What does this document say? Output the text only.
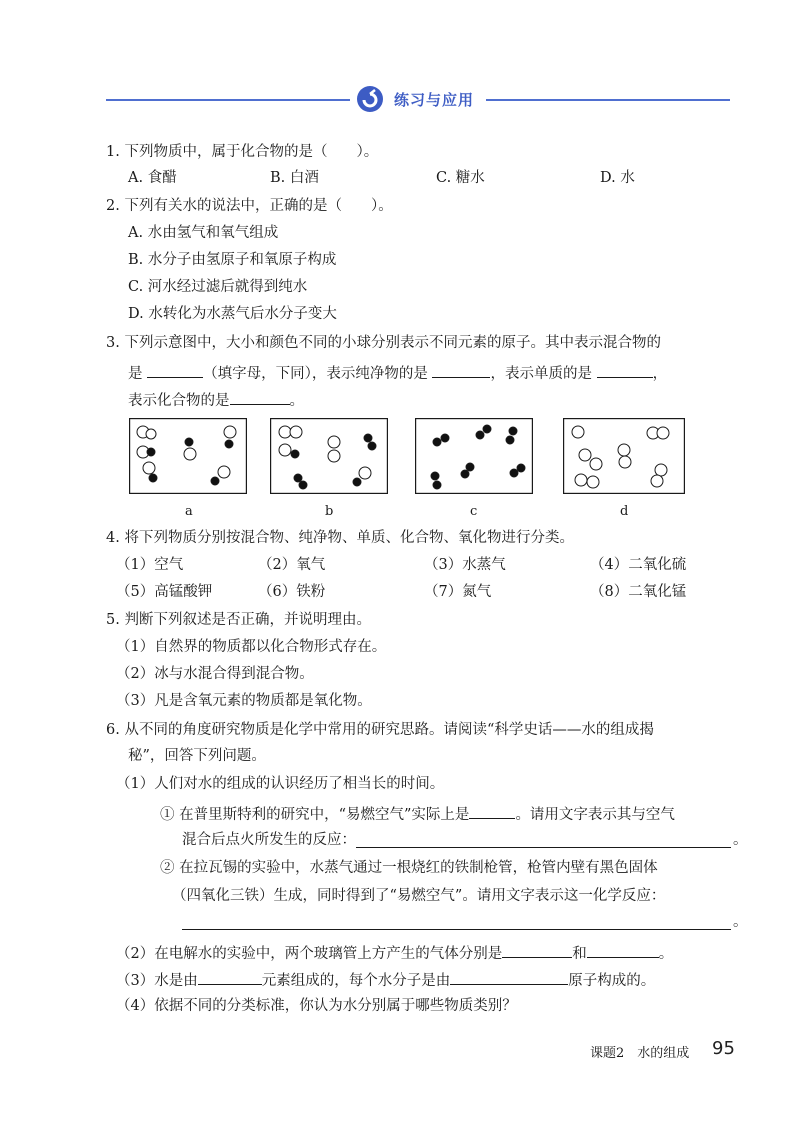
练习与应用
1. 下列物质中，属于化合物的是（　　）。
A. 食醋	B. 白酒	C. 糖水	D. 水
2. 下列有关水的说法中，正确的是（　　）。
A. 水由氢气和氧气组成
B. 水分子由氢原子和氧原子构成
C. 河水经过滤后就得到纯水
D. 水转化为水蒸气后水分子变大
3. 下列示意图中，大小和颜色不同的小球分别表示不同元素的原子。其中表示混合物的
是	（填字母，下同），表示纯净物的是	，表示单质的是	，
表示化合物的是	。
a	b	c	d
4. 将下列物质分别按混合物、纯净物、单质、化合物、氧化物进行分类。
（1）空气	（2）氧气	（3）水蒸气	（4）二氧化硫
（5）高锰酸钾	（6）铁粉	（7）氮气	（8）二氧化锰
5. 判断下列叙述是否正确，并说明理由。
（1）自然界的物质都以化合物形式存在。
（2）冰与水混合得到混合物。
（3）凡是含氧元素的物质都是氧化物。
6. 从不同的角度研究物质是化学中常用的研究思路。请阅读“科学史话——水的组成揭
秘”，回答下列问题。
（1）人们对水的组成的认识经历了相当长的时间。
① 在普里斯特利的研究中，“易燃空气”实际上是	。请用文字表示其与空气
混合后点火所发生的反应：	。
② 在拉瓦锡的实验中，水蒸气通过一根烧红的铁制枪管，枪管内壁有黑色固体
（四氧化三铁）生成，同时得到了“易燃空气”。请用文字表示这一化学反应：
。
（2）在电解水的实验中，两个玻璃管上方产生的气体分别是	和	。
（3）水是由	元素组成的，每个水分子是由	原子构成的。
（4）依据不同的分类标准，你认为水分别属于哪些物质类别？
课题2　水的组成 95
